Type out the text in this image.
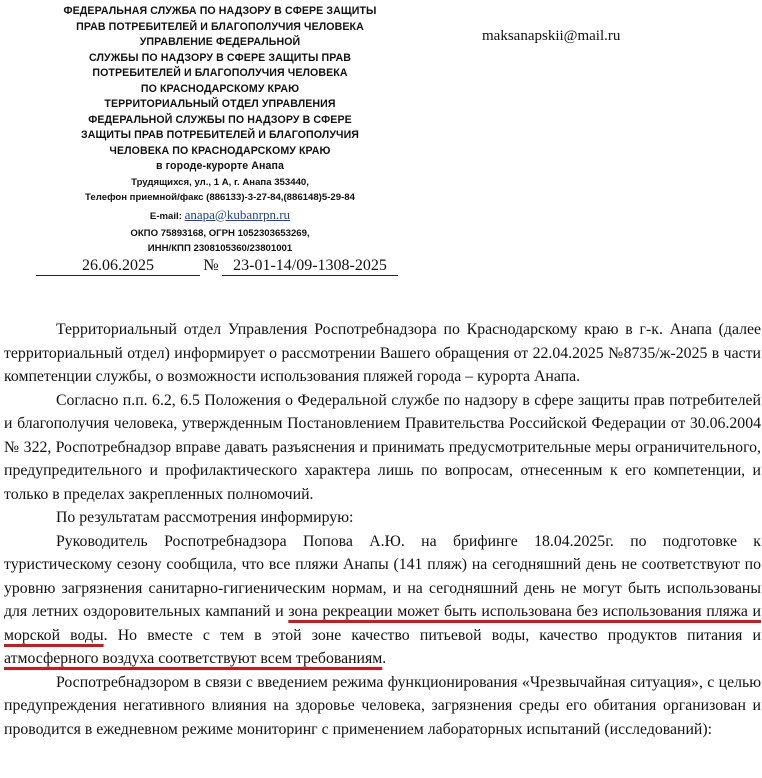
ФЕДЕРАЛЬНАЯ СЛУЖБА ПО НАДЗОРУ В СФЕРЕ ЗАЩИТЫ
ПРАВ ПОТРЕБИТЕЛЕЙ И БЛАГОПОЛУЧИЯ ЧЕЛОВЕКА
УПРАВЛЕНИЕ ФЕДЕРАЛЬНОЙ
СЛУЖБЫ ПО НАДЗОРУ В СФЕРЕ ЗАЩИТЫ ПРАВ
ПОТРЕБИТЕЛЕЙ И БЛАГОПОЛУЧИЯ ЧЕЛОВЕКА
ПО КРАСНОДАРСКОМУ КРАЮ
ТЕРРИТОРИАЛЬНЫЙ ОТДЕЛ УПРАВЛЕНИЯ
ФЕДЕРАЛЬНОЙ СЛУЖБЫ ПО НАДЗОРУ В СФЕРЕ
ЗАЩИТЫ ПРАВ ПОТРЕБИТЕЛЕЙ И БЛАГОПОЛУЧИЯ
ЧЕЛОВЕКА ПО КРАСНОДАРСКОМУ КРАЮ
в городе-курорте Анапа
Трудящихся, ул., 1 А, г. Анапа 353440,
Телефон приемной/факс (886133)-3-27-84,(886148)5-29-84
E-mail: anapa@kubanrpn.ru
ОКПО 75893168, ОГРН 1052303653269,
ИНН/КПП 2308105360/23801001
maksanapskii@mail.ru
26.06.2025	№ 23-01-14/09-1308-2025

Территориальный отдел Управления Роспотребнадзора по Краснодарскому краю в г-к. Анапа (далее территориальный отдел) информирует о рассмотрении Вашего обращения от 22.04.2025 №8735/ж-2025 в части компетенции службы, о возможности использования пляжей города – курорта Анапа.

Согласно п.п. 6.2, 6.5 Положения о Федеральной службе по надзору в сфере защиты прав потребителей и благополучия человека, утвержденным Постановлением Правительства Российской Федерации от 30.06.2004 № 322, Роспотребнадзор вправе давать разъяснения и принимать предусмотрительные меры ограничительного, предупредительного и профилактического характера лишь по вопросам, отнесенным к его компетенции, и только в пределах закрепленных полномочий.

По результатам рассмотрения информирую:

Руководитель Роспотребнадзора Попова А.Ю. на брифинге 18.04.2025г. по подготовке к туристическому сезону сообщила, что все пляжи Анапы (141 пляж) на сегодняшний день не соответствуют по уровню загрязнения санитарно-гигиеническим нормам, и на сегодняшний день не могут быть использованы для летних оздоровительных кампаний и зона рекреации может быть использована без использования пляжа и морской воды. Но вместе с тем в этой зоне качество питьевой воды, качество продуктов питания и атмосферного воздуха соответствуют всем требованиям.

Роспотребнадзором в связи с введением режима функционирования «Чрезвычайная ситуация», с целью предупреждения негативного влияния на здоровье человека, загрязнения среды его обитания организован и проводится в ежедневном режиме мониторинг с применением лабораторных испытаний (исследований):
